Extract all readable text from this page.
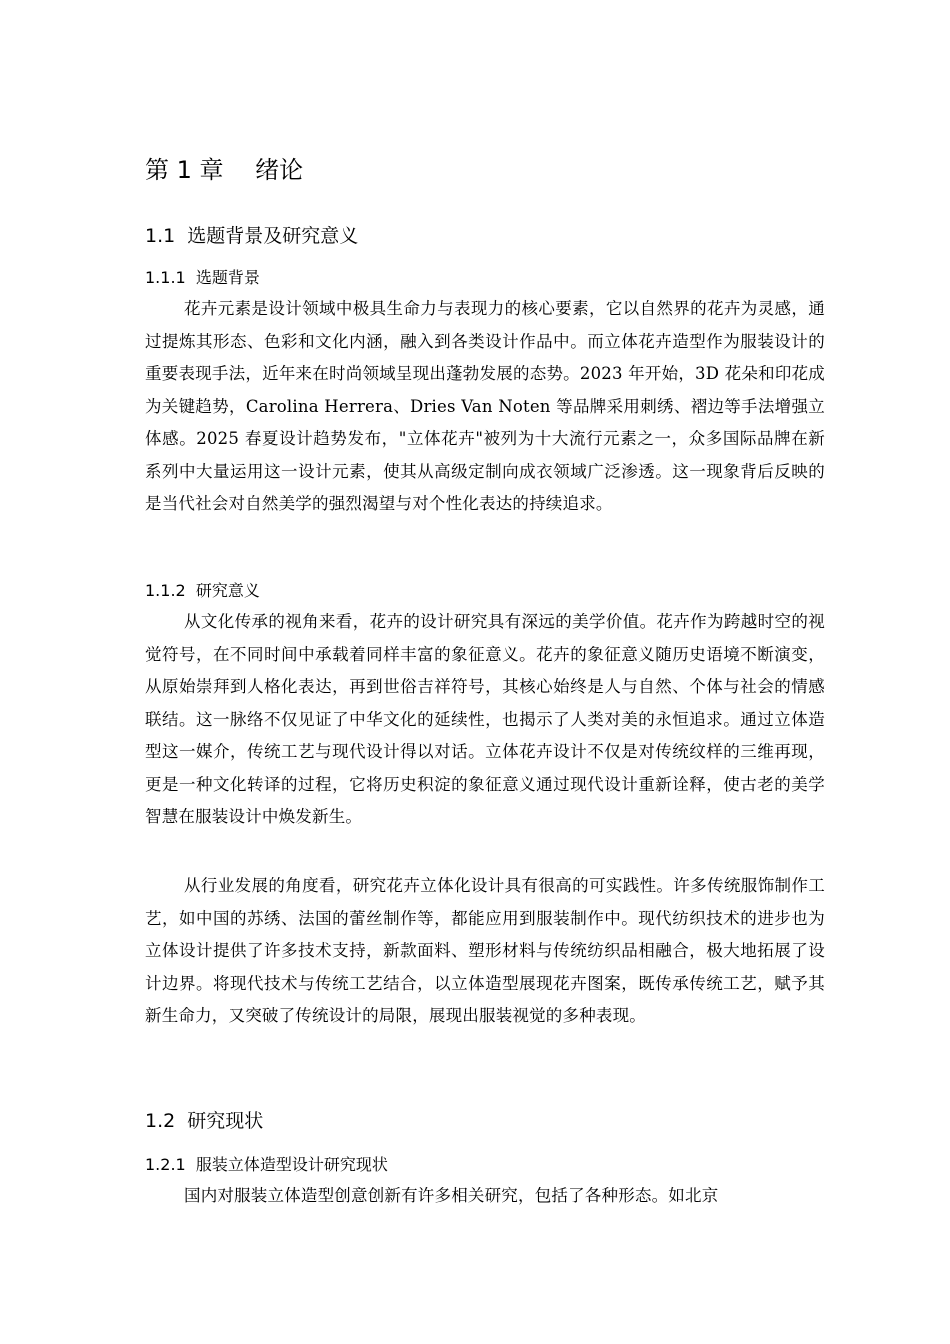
第 1 章　 绪论
1.1  选题背景及研究意义
1.1.1  选题背景

花卉元素是设计领域中极具生命力与表现力的核心要素，它以自然界的花卉为灵感，通过提炼其形态、色彩和文化内涵，融入到各类设计作品中。而立体花卉造型作为服装设计的重要表现手法，近年来在时尚领域呈现出蓬勃发展的态势。2023 年开始，3D 花朵和印花成为关键趋势，Carolina Herrera、Dries Van Noten 等品牌采用刺绣、褶边等手法增强立体感。2025 春夏设计趋势发布，"立体花卉"被列为十大流行元素之一，众多国际品牌在新系列中大量运用这一设计元素，使其从高级定制向成衣领域广泛渗透。这一现象背后反映的是当代社会对自然美学的强烈渴望与对个性化表达的持续追求。

1.1.2  研究意义

从文化传承的视角来看，花卉的设计研究具有深远的美学价值。花卉作为跨越时空的视觉符号，在不同时间中承载着同样丰富的象征意义。花卉的象征意义随历史语境不断演变，从原始崇拜到人格化表达，再到世俗吉祥符号，其核心始终是人与自然、个体与社会的情感联结。这一脉络不仅见证了中华文化的延续性，也揭示了人类对美的永恒追求。通过立体造型这一媒介，传统工艺与现代设计得以对话。立体花卉设计不仅是对传统纹样的三维再现，更是一种文化转译的过程，它将历史积淀的象征意义通过现代设计重新诠释，使古老的美学智慧在服装设计中焕发新生。

从行业发展的角度看，研究花卉立体化设计具有很高的可实践性。许多传统服饰制作工艺，如中国的苏绣、法国的蕾丝制作等，都能应用到服装制作中。现代纺织技术的进步也为立体设计提供了许多技术支持，新款面料、塑形材料与传统纺织品相融合，极大地拓展了设计边界。将现代技术与传统工艺结合，以立体造型展现花卉图案，既传承传统工艺，赋予其新生命力，又突破了传统设计的局限，展现出服装视觉的多种表现。

1.2  研究现状
1.2.1  服装立体造型设计研究现状

国内对服装立体造型创意创新有许多相关研究，包括了各种形态。如北京
